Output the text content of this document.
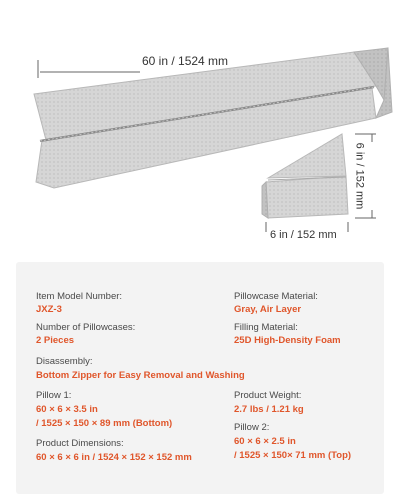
60 in / 1524 mm
6 in / 152 mm
6 in / 152 mm
Item Model Number:
JXZ-3
Pillowcase Material:
Gray, Air Layer
Number of Pillowcases:
2 Pieces
Filling Material:
25D High-Density Foam
Disassembly:
Bottom Zipper for Easy Removal and Washing
Pillow 1:
60 × 6 × 3.5 in
/ 1525 × 150 × 89 mm (Bottom)
Product Weight:
2.7 lbs / 1.21 kg
Pillow 2:
60 × 6 × 2.5 in
/ 1525 × 150× 71 mm (Top)
Product Dimensions:
60 × 6 × 6 in / 1524 × 152 × 152 mm
